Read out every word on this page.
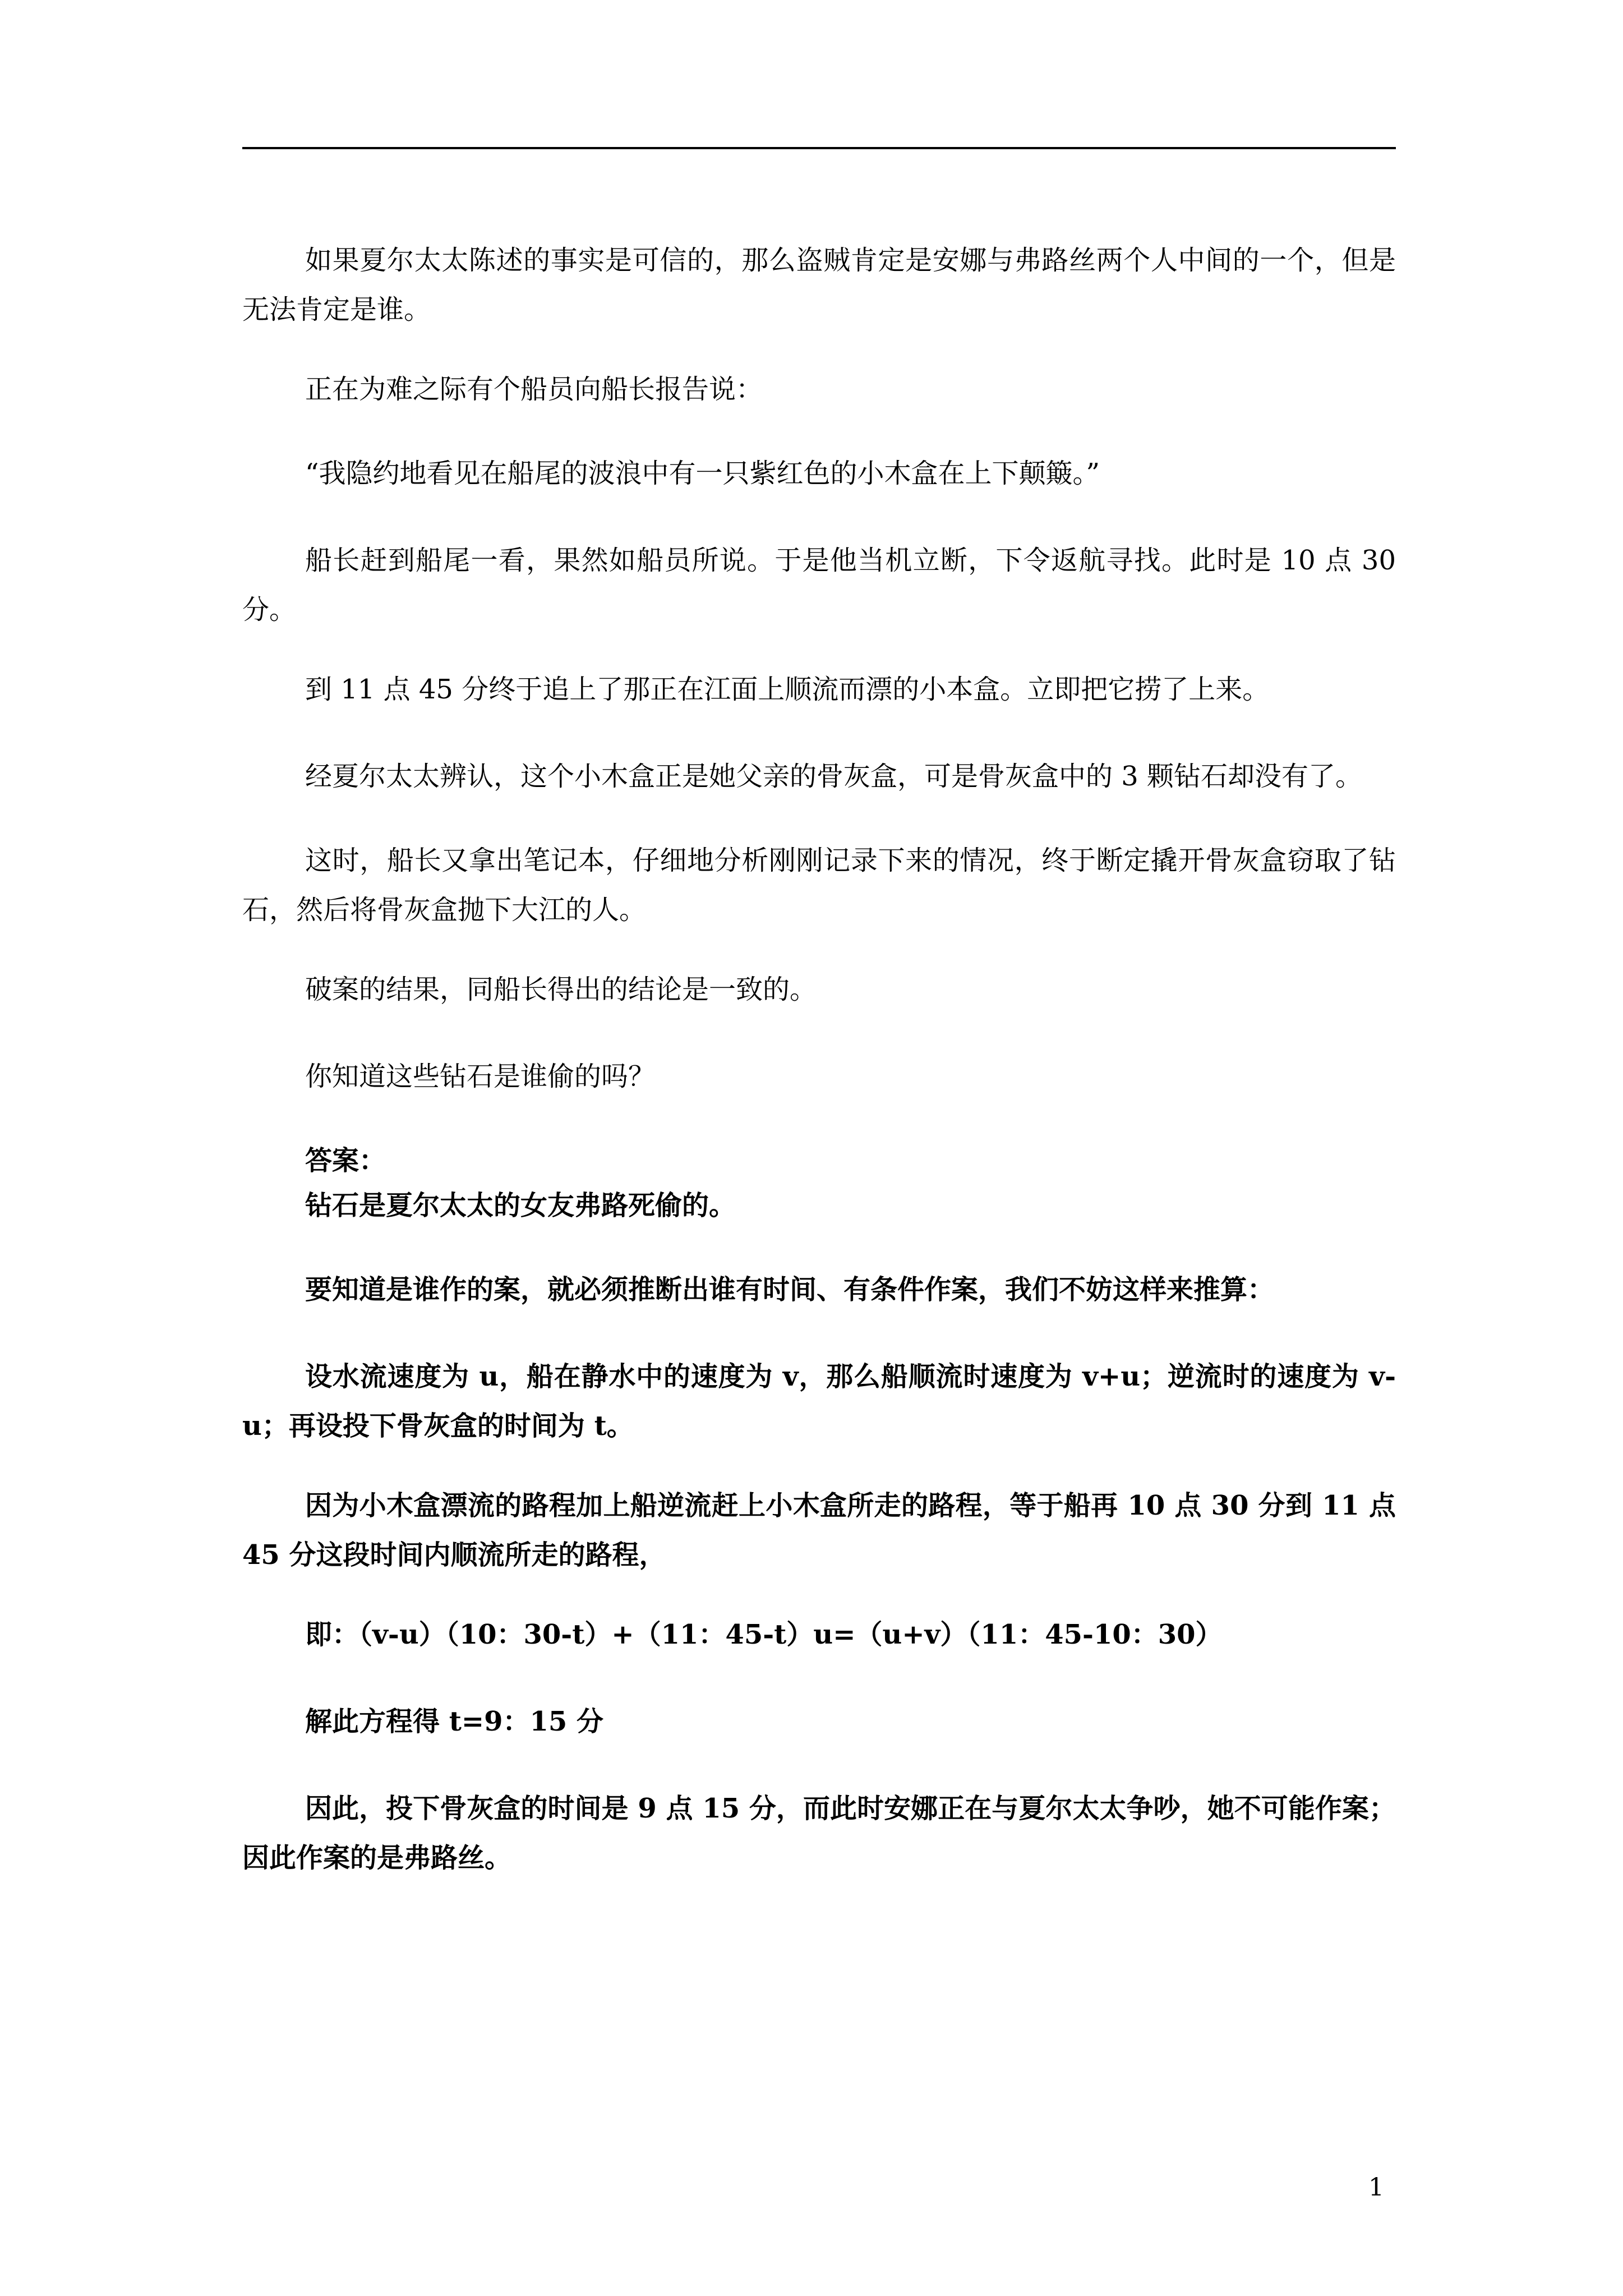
如果夏尔太太陈述的事实是可信的，那么盗贼肯定是安娜与弗路丝两个人中间的一个，但是无法肯定是谁。

正在为难之际有个船员向船长报告说：

“我隐约地看见在船尾的波浪中有一只紫红色的小木盒在上下颠簸。”

船长赶到船尾一看，果然如船员所说。于是他当机立断，下令返航寻找。此时是 10 点 30 分。

到 11 点 45 分终于追上了那正在江面上顺流而漂的小本盒。立即把它捞了上来。

经夏尔太太辨认，这个小木盒正是她父亲的骨灰盒，可是骨灰盒中的 3 颗钻石却没有了。

这时，船长又拿出笔记本，仔细地分析刚刚记录下来的情况，终于断定撬开骨灰盒窃取了钻石，然后将骨灰盒抛下大江的人。

破案的结果，同船长得出的结论是一致的。

你知道这些钻石是谁偷的吗？

答案：

钻石是夏尔太太的女友弗路死偷的。

要知道是谁作的案，就必须推断出谁有时间、有条件作案，我们不妨这样来推算：

设水流速度为 u，船在静水中的速度为 v，那么船顺流时速度为 v+u；逆流时的速度为 v-u；再设投下骨灰盒的时间为 t。

因为小木盒漂流的路程加上船逆流赶上小木盒所走的路程，等于船再 10 点 30 分到 11 点 45 分这段时间内顺流所走的路程，

即：（v-u）（10：30-t）+（11：45-t）u=（u+v）（11：45-10：30）

解此方程得 t=9：15 分

因此，投下骨灰盒的时间是 9 点 15 分，而此时安娜正在与夏尔太太争吵，她不可能作案；因此作案的是弗路丝。

1
